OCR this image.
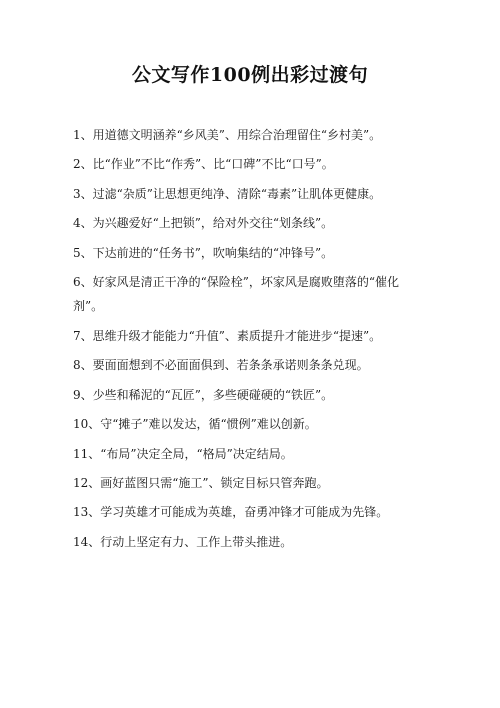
公文写作100例出彩过渡句
1、用道德文明涵养“乡风美”、用综合治理留住“乡村美”。
2、比“作业”不比“作秀”、比“口碑”不比“口号”。
3、过滤“杂质”让思想更纯净、清除“毒素”让肌体更健康。
4、为兴趣爱好“上把锁”，给对外交往“划条线”。
5、下达前进的“任务书”，吹响集结的“冲锋号”。
6、好家风是清正干净的“保险栓”，坏家风是腐败堕落的“催化剂”。
7、思维升级才能能力“升值”、素质提升才能进步“提速”。
8、要面面想到不必面面俱到、若条条承诺则条条兑现。
9、少些和稀泥的“瓦匠”，多些硬碰硬的“铁匠”。
10、守“摊子”难以发达，循“惯例”难以创新。
11、“布局”决定全局，“格局”决定结局。
12、画好蓝图只需“施工”、锁定目标只管奔跑。
13、学习英雄才可能成为英雄，奋勇冲锋才可能成为先锋。
14、行动上坚定有力、工作上带头推进。
